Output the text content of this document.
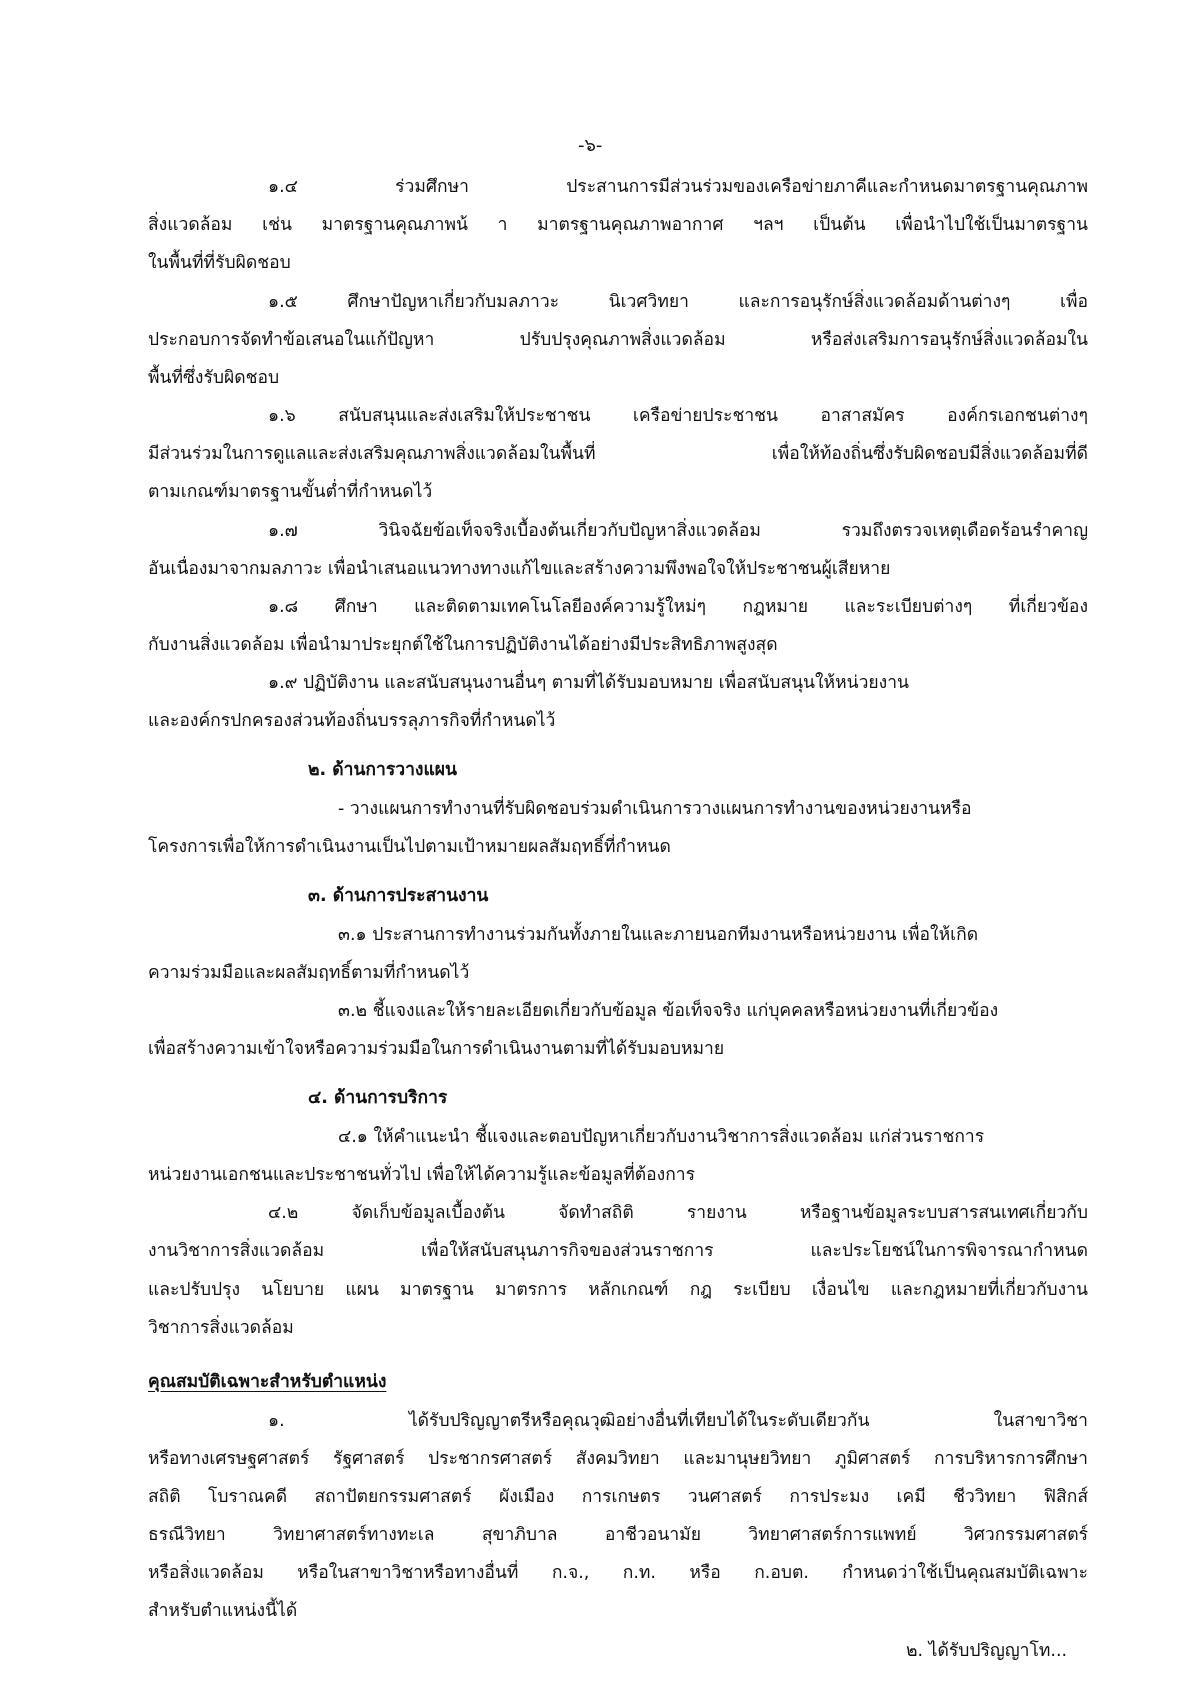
-๖-
๑.๔ ร่วมศึกษา ประสานการมีส่วนร่วมของเครือข่ายภาคีและกำหนดมาตรฐานคุณภาพ
สิ่งแวดล้อม เช่น มาตรฐานคุณภาพน้ า มาตรฐานคุณภาพอากาศ ฯลฯ เป็นต้น เพื่อนำไปใช้เป็นมาตรฐาน
ในพื้นที่ที่รับผิดชอบ
๑.๕ ศึกษาปัญหาเกี่ยวกับมลภาวะ นิเวศวิทยา และการอนุรักษ์สิ่งแวดล้อมด้านต่างๆ เพื่อ
ประกอบการจัดทำข้อเสนอในแก้ปัญหา ปรับปรุงคุณภาพสิ่งแวดล้อม หรือส่งเสริมการอนุรักษ์สิ่งแวดล้อมใน
พื้นที่ซึ่งรับผิดชอบ
๑.๖ สนับสนุนและส่งเสริมให้ประชาชน เครือข่ายประชาชน อาสาสมัคร องค์กรเอกชนต่างๆ
มีส่วนร่วมในการดูแลและส่งเสริมคุณภาพสิ่งแวดล้อมในพื้นที่ เพื่อให้ท้องถิ่นซึ่งรับผิดชอบมีสิ่งแวดล้อมที่ดี
ตามเกณฑ์มาตรฐานขั้นต่ำที่กำหนดไว้
๑.๗ วินิจฉัยข้อเท็จจริงเบื้องต้นเกี่ยวกับปัญหาสิ่งแวดล้อม รวมถึงตรวจเหตุเดือดร้อนรำคาญ
อันเนื่องมาจากมลภาวะ เพื่อนำเสนอแนวทางทางแก้ไขและสร้างความพึงพอใจให้ประชาชนผู้เสียหาย
๑.๘ ศึกษา และติดตามเทคโนโลยีองค์ความรู้ใหม่ๆ กฎหมาย และระเบียบต่างๆ ที่เกี่ยวข้อง
กับงานสิ่งแวดล้อม เพื่อนำมาประยุกต์ใช้ในการปฏิบัติงานได้อย่างมีประสิทธิภาพสูงสุด
๑.๙ ปฏิบัติงาน และสนับสนุนงานอื่นๆ ตามที่ได้รับมอบหมาย เพื่อสนับสนุนให้หน่วยงาน
และองค์กรปกครองส่วนท้องถิ่นบรรลุภารกิจที่กำหนดไว้
๒. ด้านการวางแผน
- วางแผนการทำงานที่รับผิดชอบร่วมดำเนินการวางแผนการทำงานของหน่วยงานหรือ
โครงการเพื่อให้การดำเนินงานเป็นไปตามเป้าหมายผลสัมฤทธิ์ที่กำหนด
๓. ด้านการประสานงาน
๓.๑ ประสานการทำงานร่วมกันทั้งภายในและภายนอกทีมงานหรือหน่วยงาน เพื่อให้เกิด
ความร่วมมือและผลสัมฤทธิ์ตามที่กำหนดไว้
๓.๒ ชี้แจงและให้รายละเอียดเกี่ยวกับข้อมูล ข้อเท็จจริง แก่บุคคลหรือหน่วยงานที่เกี่ยวข้อง
เพื่อสร้างความเข้าใจหรือความร่วมมือในการดำเนินงานตามที่ได้รับมอบหมาย
๔. ด้านการบริการ
๔.๑ ให้คำแนะนำ ชี้แจงและตอบปัญหาเกี่ยวกับงานวิชาการสิ่งแวดล้อม แก่ส่วนราชการ
หน่วยงานเอกชนและประชาชนทั่วไป เพื่อให้ได้ความรู้และข้อมูลที่ต้องการ
๔.๒ จัดเก็บข้อมูลเบื้องต้น จัดทำสถิติ รายงาน หรือฐานข้อมูลระบบสารสนเทศเกี่ยวกับ
งานวิชาการสิ่งแวดล้อม เพื่อให้สนับสนุนภารกิจของส่วนราชการ และประโยชน์ในการพิจารณากำหนด
และปรับปรุง นโยบาย แผน มาตรฐาน มาตรการ หลักเกณฑ์ กฎ ระเบียบ เงื่อนไข และกฎหมายที่เกี่ยวกับงาน
วิชาการสิ่งแวดล้อม
คุณสมบัติเฉพาะสำหรับตำแหน่ง
๑. ได้รับปริญญาตรีหรือคุณวุฒิอย่างอื่นที่เทียบได้ในระดับเดียวกัน ในสาขาวิชา
หรือทางเศรษฐศาสตร์ รัฐศาสตร์ ประชากรศาสตร์ สังคมวิทยา และมานุษยวิทยา ภูมิศาสตร์ การบริหารการศึกษา
สถิติ โบราณคดี สถาปัตยกรรมศาสตร์ ผังเมือง การเกษตร วนศาสตร์ การประมง เคมี ชีววิทยา ฟิสิกส์
ธรณีวิทยา วิทยาศาสตร์ทางทะเล สุขาภิบาล อาชีวอนามัย วิทยาศาสตร์การแพทย์ วิศวกรรมศาสตร์
หรือสิ่งแวดล้อม หรือในสาขาวิชาหรือทางอื่นที่ ก.จ., ก.ท. หรือ ก.อบต. กำหนดว่าใช้เป็นคุณสมบัติเฉพาะ
สำหรับตำแหน่งนี้ได้
๒. ได้รับปริญญาโท...
